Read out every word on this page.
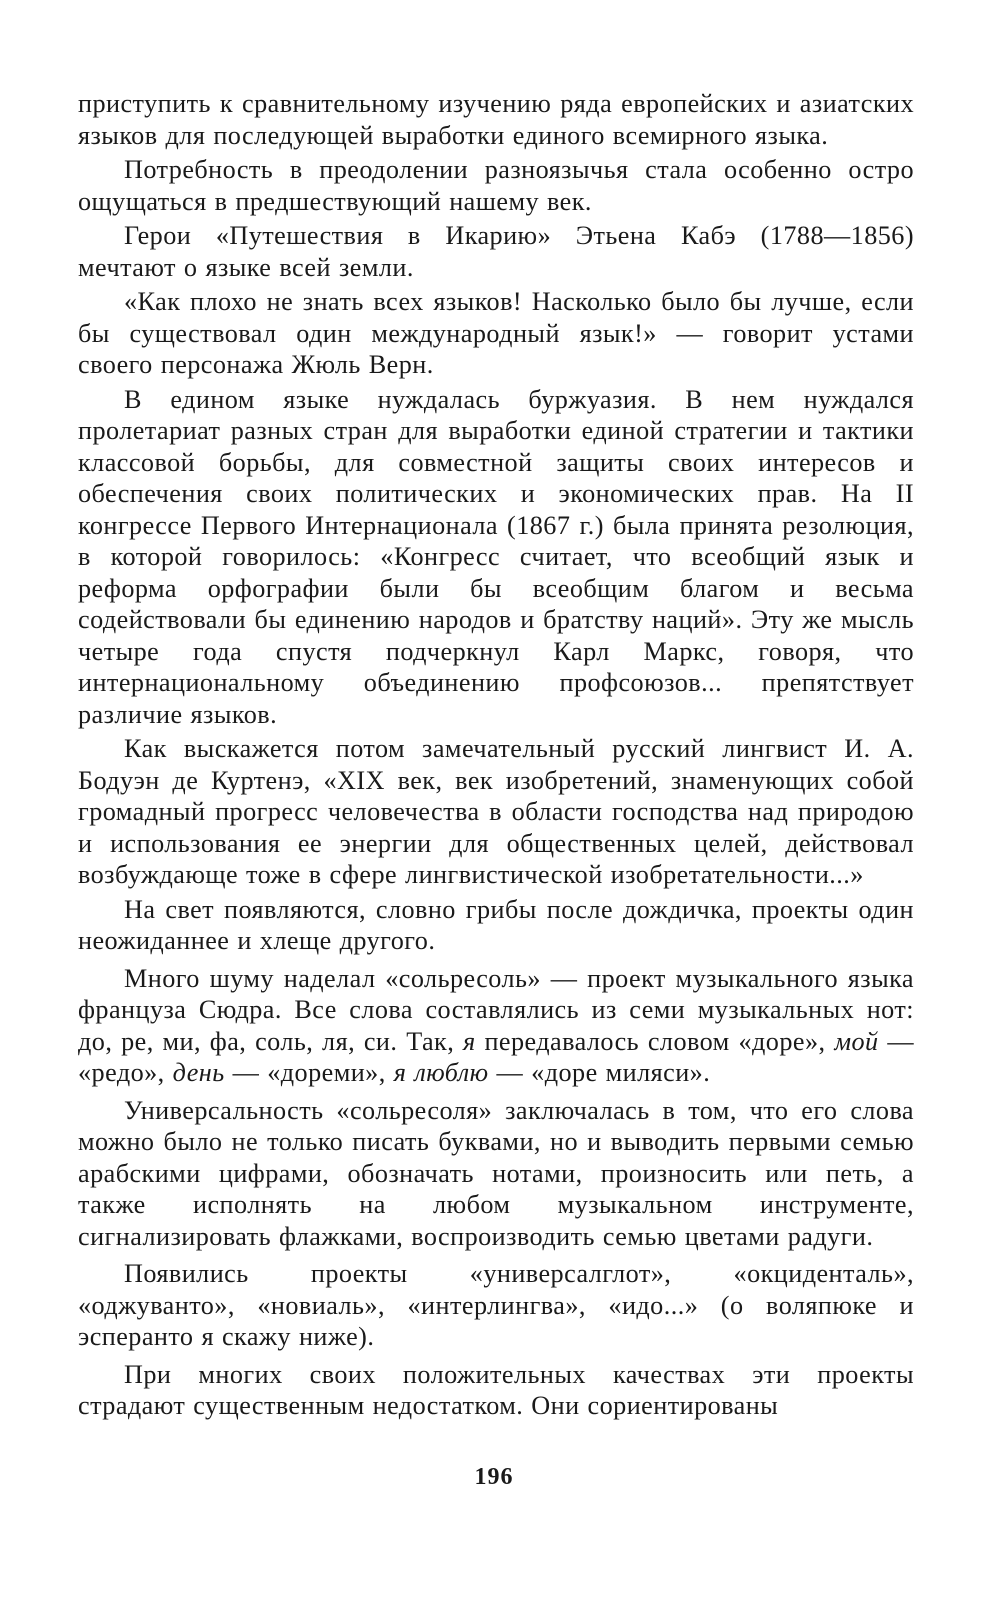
приступить к сравнительному изучению ряда европейских и азиатских языков для последующей выработки единого всемирного языка.

Потребность в преодолении разноязычья стала особенно остро ощущаться в предшествующий нашему век.

Герои «Путешествия в Икарию» Этьена Кабэ (1788—1856) мечтают о языке всей земли.

«Как плохо не знать всех языков! Насколько было бы лучше, если бы существовал один международный язык!» — говорит устами своего персонажа Жюль Верн.

В едином языке нуждалась буржуазия. В нем нуждался пролетариат разных стран для выработки единой стратегии и тактики классовой борьбы, для совместной защиты своих интересов и обеспечения своих политических и экономических прав. На II конгрессе Первого Интернационала (1867 г.) была принята резолюция, в которой говорилось: «Конгресс считает, что всеобщий язык и реформа орфографии были бы всеобщим благом и весьма содействовали бы единению народов и братству наций». Эту же мысль четыре года спустя подчеркнул Карл Маркс, говоря, что интернациональному объединению профсоюзов... препятствует различие языков.

Как выскажется потом замечательный русский лингвист И. А. Бодуэн де Куртенэ, «XIX век, век изобретений, знаменующих собой громадный прогресс человечества в области господства над природою и использования ее энергии для общественных целей, действовал возбуждающе тоже в сфере лингвистической изобретательности...»

На свет появляются, словно грибы после дождичка, проекты один неожиданнее и хлеще другого.

Много шуму наделал «сольресоль» — проект музыкального языка француза Сюдра. Все слова составлялись из семи музыкальных нот: до, ре, ми, фа, соль, ля, си. Так, я передавалось словом «доре», мой — «редо», день — «дореми», я люблю — «доре миляси».

Универсальность «сольресоля» заключалась в том, что его слова можно было не только писать буквами, но и выводить первыми семью арабскими цифрами, обозначать нотами, произносить или петь, а также исполнять на любом музыкальном инструменте, сигнализировать флажками, воспроизводить семью цветами радуги.

Появились проекты «универсалглот», «окциденталь», «оджуванто», «новиаль», «интерлингва», «идо...» (о воляпюке и эсперанто я скажу ниже).

При многих своих положительных качествах эти проекты страдают существенным недостатком. Они сориентированы

196
